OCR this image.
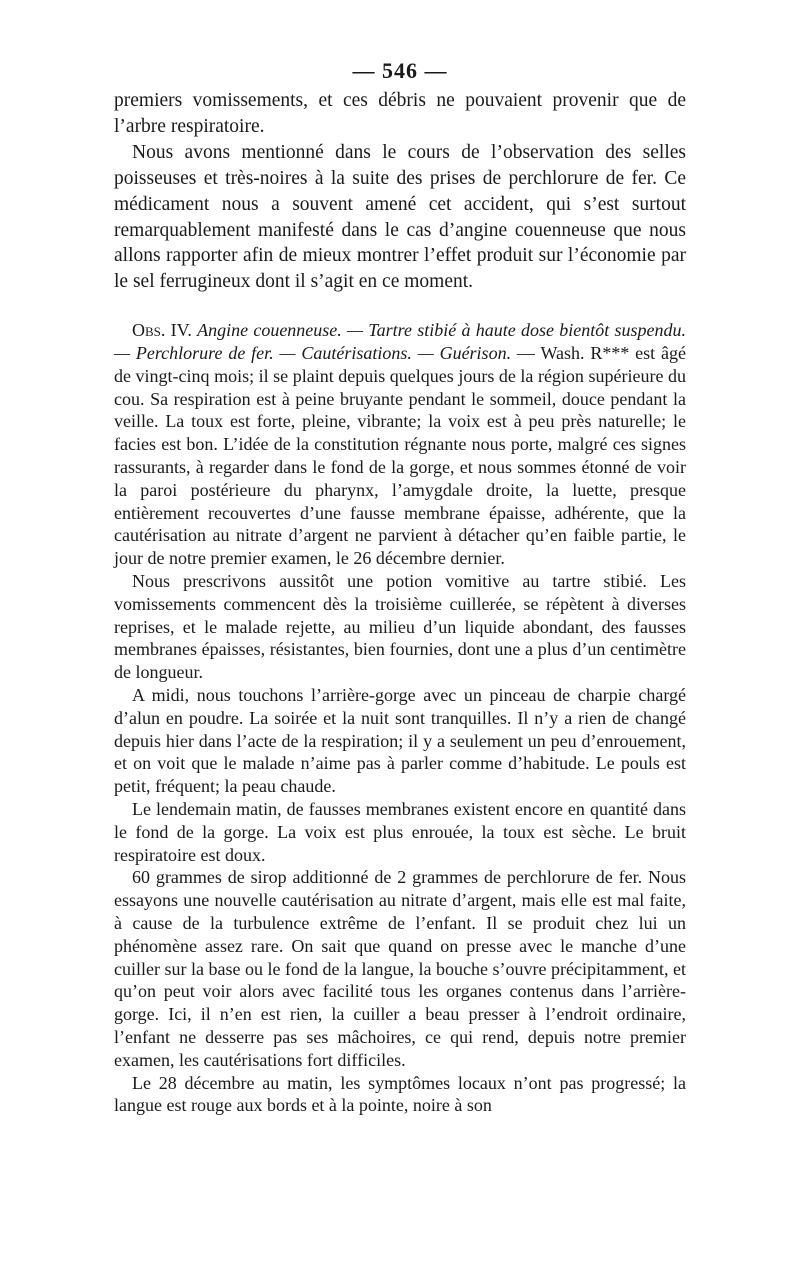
— 546 —

premiers vomissements, et ces débris ne pouvaient provenir que de l’arbre respiratoire.

Nous avons mentionné dans le cours de l’observation des selles poisseuses et très-noires à la suite des prises de perchlorure de fer. Ce médicament nous a souvent amené cet accident, qui s’est surtout remarquablement manifesté dans le cas d’angine couenneuse que nous allons rapporter afin de mieux montrer l’effet produit sur l’économie par le sel ferrugineux dont il s’agit en ce moment.

Obs. IV. Angine couenneuse. — Tartre stibié à haute dose bientôt suspendu. — Perchlorure de fer. — Cautérisations. — Guérison. — Wash. R*** est âgé de vingt-cinq mois; il se plaint depuis quelques jours de la région supérieure du cou. Sa respiration est à peine bruyante pendant le sommeil, douce pendant la veille. La toux est forte, pleine, vibrante; la voix est à peu près naturelle; le facies est bon. L’idée de la constitution régnante nous porte, malgré ces signes rassurants, à regarder dans le fond de la gorge, et nous sommes étonné de voir la paroi postérieure du pharynx, l’amygdale droite, la luette, presque entièrement recouvertes d’une fausse membrane épaisse, adhérente, que la cautérisation au nitrate d’argent ne parvient à détacher qu’en faible partie, le jour de notre premier examen, le 26 décembre dernier.

Nous prescrivons aussitôt une potion vomitive au tartre stibié. Les vomissements commencent dès la troisième cuillerée, se répètent à diverses reprises, et le malade rejette, au milieu d’un liquide abondant, des fausses membranes épaisses, résistantes, bien fournies, dont une a plus d’un centimètre de longueur.

A midi, nous touchons l’arrière-gorge avec un pinceau de charpie chargé d’alun en poudre. La soirée et la nuit sont tranquilles. Il n’y a rien de changé depuis hier dans l’acte de la respiration; il y a seulement un peu d’enrouement, et on voit que le malade n’aime pas à parler comme d’habitude. Le pouls est petit, fréquent; la peau chaude.

Le lendemain matin, de fausses membranes existent encore en quantité dans le fond de la gorge. La voix est plus enrouée, la toux est sèche. Le bruit respiratoire est doux.

60 grammes de sirop additionné de 2 grammes de perchlorure de fer. Nous essayons une nouvelle cautérisation au nitrate d’argent, mais elle est mal faite, à cause de la turbulence extrême de l’enfant. Il se produit chez lui un phénomène assez rare. On sait que quand on presse avec le manche d’une cuiller sur la base ou le fond de la langue, la bouche s’ouvre précipitamment, et qu’on peut voir alors avec facilité tous les organes contenus dans l’arrière-gorge. Ici, il n’en est rien, la cuiller a beau presser à l’endroit ordinaire, l’enfant ne desserre pas ses mâchoires, ce qui rend, depuis notre premier examen, les cautérisations fort difficiles.

Le 28 décembre au matin, les symptômes locaux n’ont pas progressé; la langue est rouge aux bords et à la pointe, noire à son
